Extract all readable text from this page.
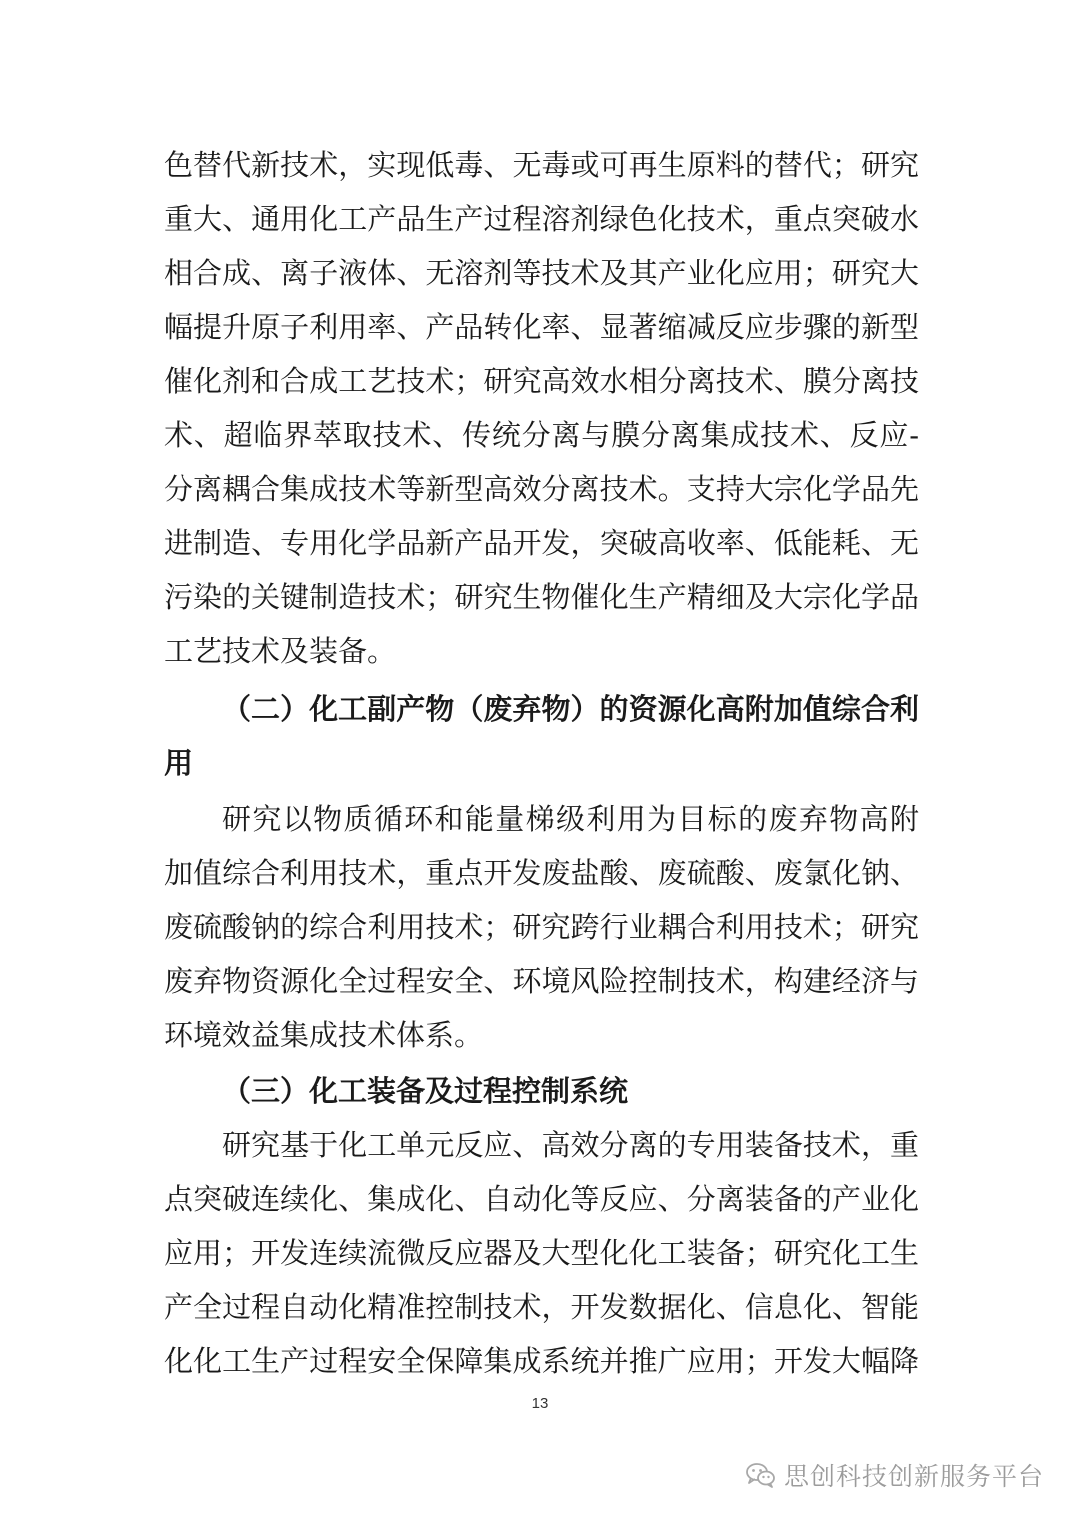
色替代新技术，实现低毒、无毒或可再生原料的替代；研究
重大、通用化工产品生产过程溶剂绿色化技术，重点突破水
相合成、离子液体、无溶剂等技术及其产业化应用；研究大
幅提升原子利用率、产品转化率、显著缩减反应步骤的新型
催化剂和合成工艺技术；研究高效水相分离技术、膜分离技
术、超临界萃取技术、传统分离与膜分离集成技术、反应-
分离耦合集成技术等新型高效分离技术。支持大宗化学品先
进制造、专用化学品新产品开发，突破高收率、低能耗、无
污染的关键制造技术；研究生物催化生产精细及大宗化学品
工艺技术及装备。
（二）化工副产物（废弃物）的资源化高附加值综合利
用
研究以物质循环和能量梯级利用为目标的废弃物高附
加值综合利用技术，重点开发废盐酸、废硫酸、废氯化钠、
废硫酸钠的综合利用技术；研究跨行业耦合利用技术；研究
废弃物资源化全过程安全、环境风险控制技术，构建经济与
环境效益集成技术体系。
（三）化工装备及过程控制系统
研究基于化工单元反应、高效分离的专用装备技术，重
点突破连续化、集成化、自动化等反应、分离装备的产业化
应用；开发连续流微反应器及大型化化工装备；研究化工生
产全过程自动化精准控制技术，开发数据化、信息化、智能
化化工生产过程安全保障集成系统并推广应用；开发大幅降
13
思创科技创新服务平台
